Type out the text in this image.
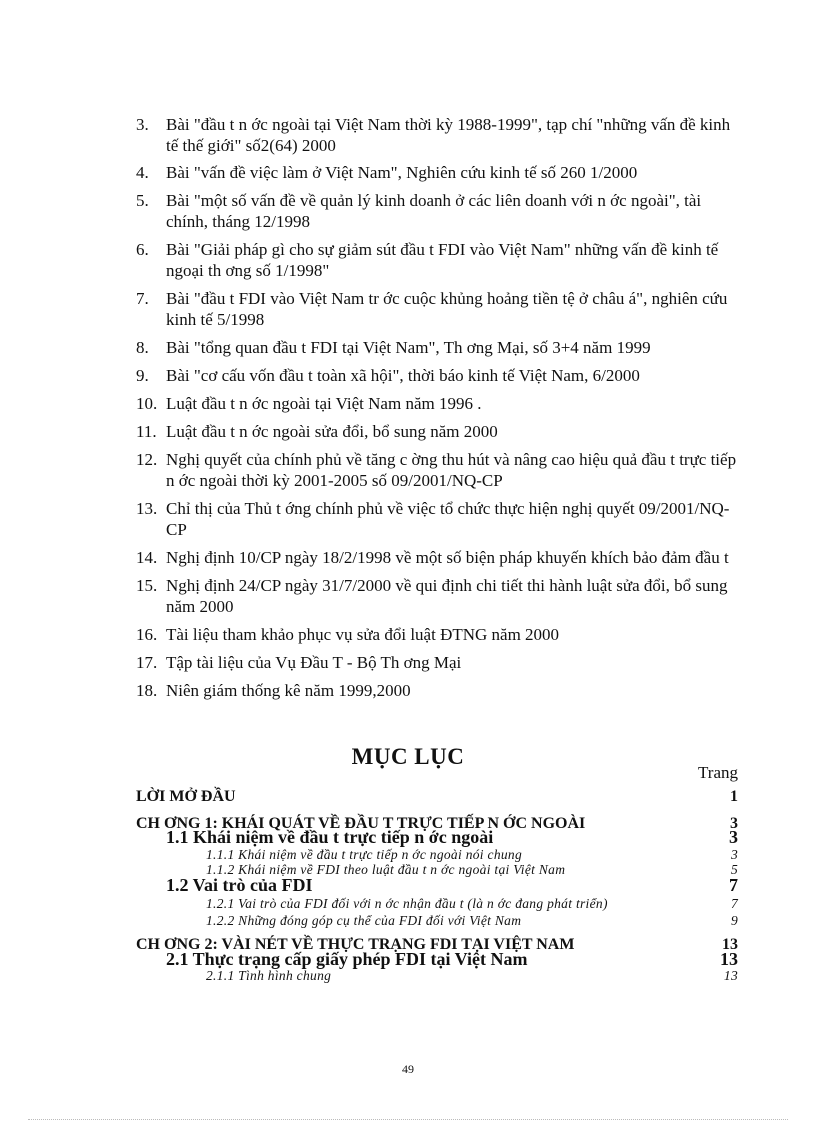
3.	Bài "đầu t n ớc ngoài tại Việt Nam thời kỳ 1988-1999", tạp chí "những vấn đề kinh tế thế giới" số2(64) 2000
4.	Bài "vấn đề việc làm ở Việt Nam", Nghiên cứu kinh tế số 260 1/2000
5.	Bài "một số vấn đề về quản lý kinh doanh ở các liên doanh với n ớc ngoài", tài chính, tháng 12/1998
6.	Bài "Giải pháp gì cho sự giảm sút đầu t FDI vào Việt Nam" những vấn đề kinh tế ngoại th ơng số 1/1998"
7.	Bài "đầu t FDI vào Việt Nam tr ớc cuộc khủng hoảng tiền tệ ở châu á", nghiên cứu kinh tế 5/1998
8.	Bài "tổng quan đầu t FDI tại Việt Nam", Th ơng Mại, số 3+4 năm 1999
9.	Bài "cơ cấu vốn đầu t toàn xã hội", thời báo kinh tế Việt Nam, 6/2000
10. Luật đầu t n ớc ngoài tại Việt Nam năm 1996 .
11. Luật đầu t n ớc ngoài sửa đổi, bổ sung năm 2000
12. Nghị quyết của chính phủ về tăng c ờng thu hút và nâng cao hiệu quả đầu t trực tiếp n ớc ngoài thời kỳ 2001-2005 số 09/2001/NQ-CP
13. Chỉ thị của Thủ t ớng chính phủ về việc tổ chức thực hiện nghị quyết 09/2001/NQ-CP
14. Nghị định 10/CP ngày 18/2/1998 về một số biện pháp khuyến khích bảo đảm đầu t
15. Nghị định 24/CP ngày 31/7/2000 về qui định chi tiết thi hành luật sửa đổi, bổ sung năm 2000
16. Tài liệu tham khảo phục vụ sửa đổi luật ĐTNG năm 2000
17. Tập tài liệu của Vụ Đầu T - Bộ Th ơng Mại
18. Niên giám thống kê năm 1999,2000
MỤC LỤC
Trang
LỜI MỞ ĐẦU	1
CH ƠNG 1: KHÁI QUÁT VỀ ĐẦU T TRỰC TIẾP N ỚC NGOÀI	3
1.1 Khái niệm về đầu t trực tiếp n ớc ngoài	3
1.1.1 Khái niệm về đầu t trực tiếp n ớc ngoài nói chung	3
1.1.2 Khái niệm về FDI theo luật đầu t n ớc ngoài tại Việt Nam	5
1.2 Vai trò của FDI	7
1.2.1 Vai trò của FDI đối với n ớc nhận đầu t (là n ớc đang phát triển)	7
1.2.2 Những đóng góp cụ thể của FDI đối với Việt Nam	9
CH ƠNG 2: VÀI NÉT VỀ THỰC TRẠNG FDI TẠI VIỆT NAM	13
2.1 Thực trạng cấp giấy phép FDI tại Việt Nam	13
2.1.1 Tình hình chung	13
49
